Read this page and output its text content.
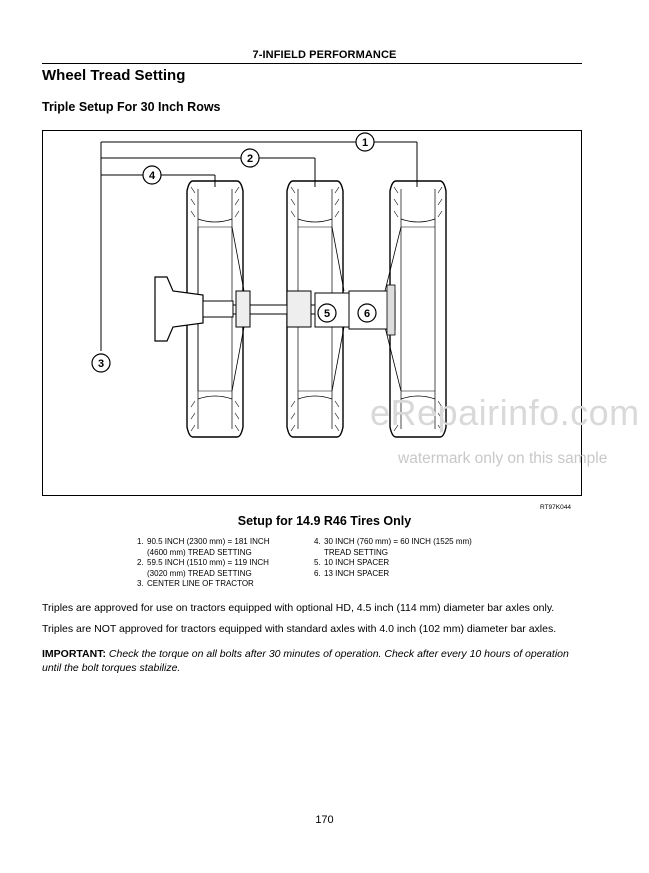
7-INFIELD PERFORMANCE
Wheel Tread Setting
Triple Setup For 30 Inch Rows
1
2
3
4
5	6
eRepairinfo.com
watermark only on this sample
RT97K044
Setup for 14.9 R46 Tires Only
1. 90.5 INCH (2300 mm) = 181 INCH (4600 mm) TREAD SETTING
2. 59.5 INCH (1510 mm) = 119 INCH (3020 mm) TREAD SETTING
3. CENTER LINE OF TRACTOR
4. 30 INCH (760 mm) = 60 INCH (1525 mm) TREAD SETTING
5. 10 INCH SPACER
6. 13 INCH SPACER
Triples are approved for use on tractors equipped with optional HD, 4.5 inch (114 mm) diameter bar axles only.
Triples are NOT approved for tractors equipped with standard axles with 4.0 inch (102 mm) diameter bar axles.
IMPORTANT: Check the torque on all bolts after 30 minutes of operation. Check after every 10 hours of operation until the bolt torques stabilize.
170
